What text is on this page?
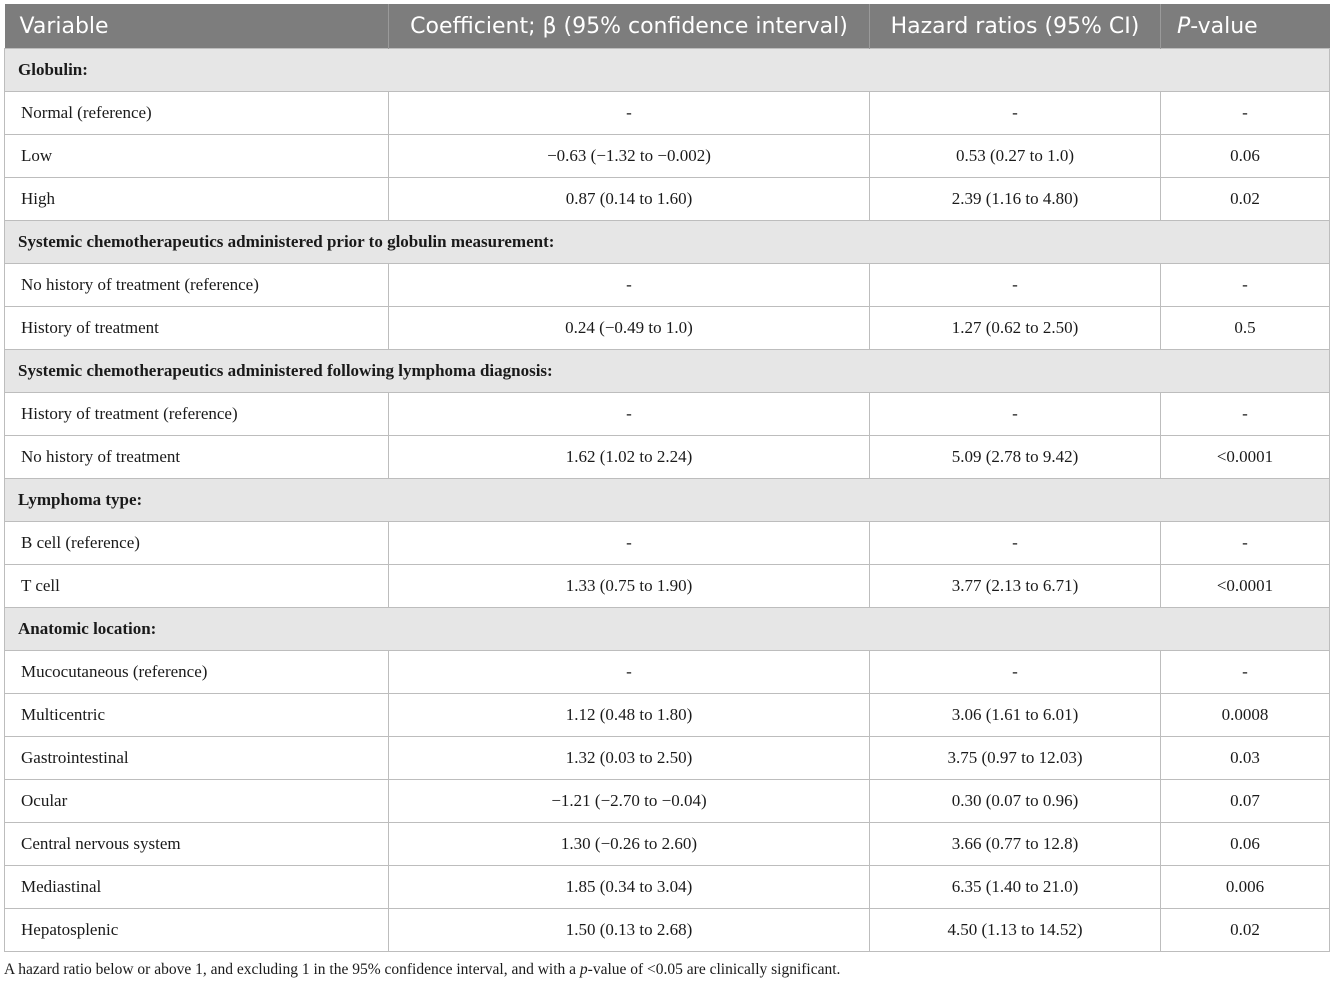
Variable	Coefficient; β (95% confidence interval)	Hazard ratios (95% CI)	P-value
Globulin:			
Normal (reference)	-	-	-
Low	−0.63 (−1.32 to −0.002)	0.53 (0.27 to 1.0)	0.06
High	0.87 (0.14 to 1.60)	2.39 (1.16 to 4.80)	0.02
Systemic chemotherapeutics administered prior to globulin measurement:			
No history of treatment (reference)	-	-	-
History of treatment	0.24 (−0.49 to 1.0)	1.27 (0.62 to 2.50)	0.5
Systemic chemotherapeutics administered following lymphoma diagnosis:			
History of treatment (reference)	-	-	-
No history of treatment	1.62 (1.02 to 2.24)	5.09 (2.78 to 9.42)	<0.0001
Lymphoma type:			
B cell (reference)	-	-	-
T cell	1.33 (0.75 to 1.90)	3.77 (2.13 to 6.71)	<0.0001
Anatomic location:			
Mucocutaneous (reference)	-	-	-
Multicentric	1.12 (0.48 to 1.80)	3.06 (1.61 to 6.01)	0.0008
Gastrointestinal	1.32 (0.03 to 2.50)	3.75 (0.97 to 12.03)	0.03
Ocular	−1.21 (−2.70 to −0.04)	0.30 (0.07 to 0.96)	0.07
Central nervous system	1.30 (−0.26 to 2.60)	3.66 (0.77 to 12.8)	0.06
Mediastinal	1.85 (0.34 to 3.04)	6.35 (1.40 to 21.0)	0.006
Hepatosplenic	1.50 (0.13 to 2.68)	4.50 (1.13 to 14.52)	0.02
A hazard ratio below or above 1, and excluding 1 in the 95% confidence interval, and with a p-value of <0.05 are clinically significant.
